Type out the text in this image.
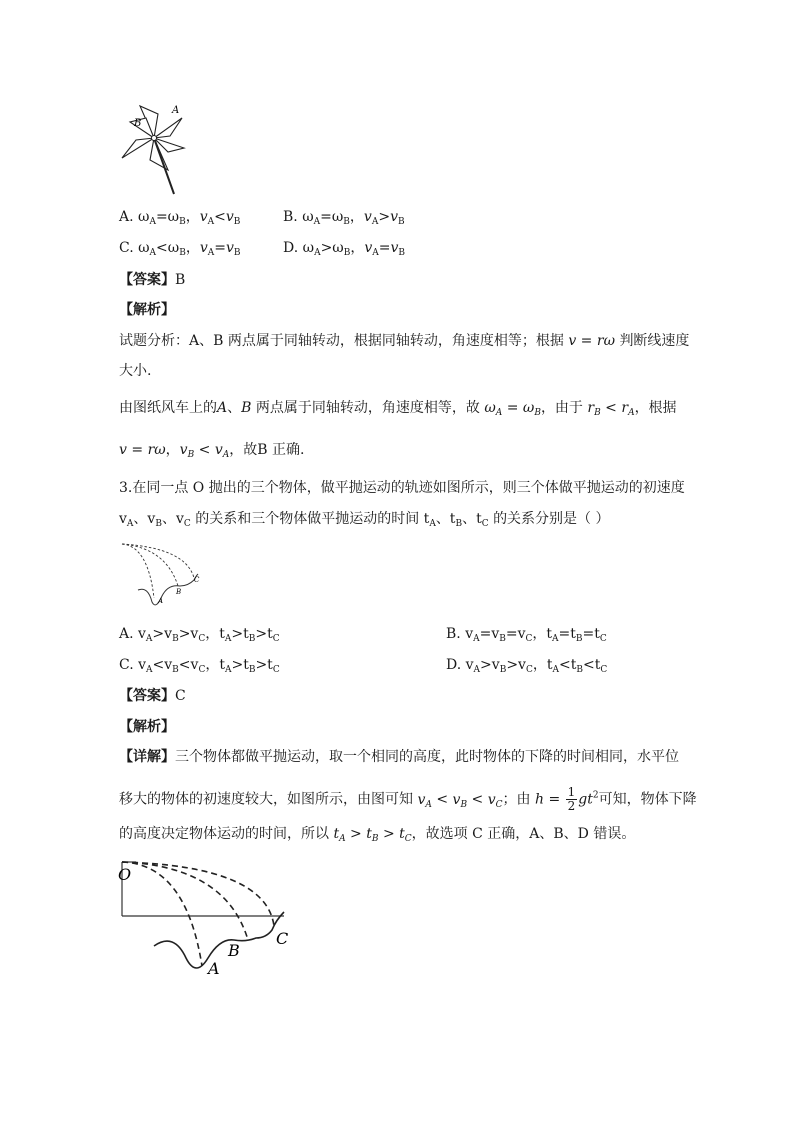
A
B
A. $\omega_A=\omega_B$，$v_A<v_B$	B. $\omega_A=\omega_B$，$v_A>v_B$
C. $\omega_A<\omega_B$，$v_A=v_B$	D. $\omega_A>\omega_B$，$v_A=v_B$
【答案】B
【解析】
试题分析：A、B 两点属于同轴转动，根据同轴转动，角速度相等；根据 v = rω 判断线速度
大小.
由图纸风车上的A、B 两点属于同轴转动，角速度相等，故 $\omega_A = \omega_B$，由于 $r_B < r_A$，根据
v = rω，$v_B < v_A$，故B 正确.
3.在同一点 O 抛出的三个物体，做平抛运动的轨迹如图所示，则三个体做平抛运动的初速度
$v_A$、$v_B$、$v_C$ 的关系和三个物体做平抛运动的时间 $t_A$、$t_B$、$t_C$ 的关系分别是（ ）
A
B
C
A. $v_A>v_B>v_C$，$t_A>t_B>t_C$	B. $v_A=v_B=v_C$，$t_A=t_B=t_C$
C. $v_A<v_B<v_C$，$t_A>t_B>t_C$	D. $v_A>v_B>v_C$，$t_A<t_B<t_C$
【答案】C
【解析】
【详解】三个物体都做平抛运动，取一个相同的高度，此时物体的下降的时间相同，水平位
移大的物体的初速度较大，如图所示，由图可知 $v_A < v_B < v_C$；由 $h = \frac{1}{2} gt^2$可知，物体下降
的高度决定物体运动的时间，所以 $t_A > t_B > t_C$，故选项 C 正确，A、B、D 错误。
O
A
B
C
